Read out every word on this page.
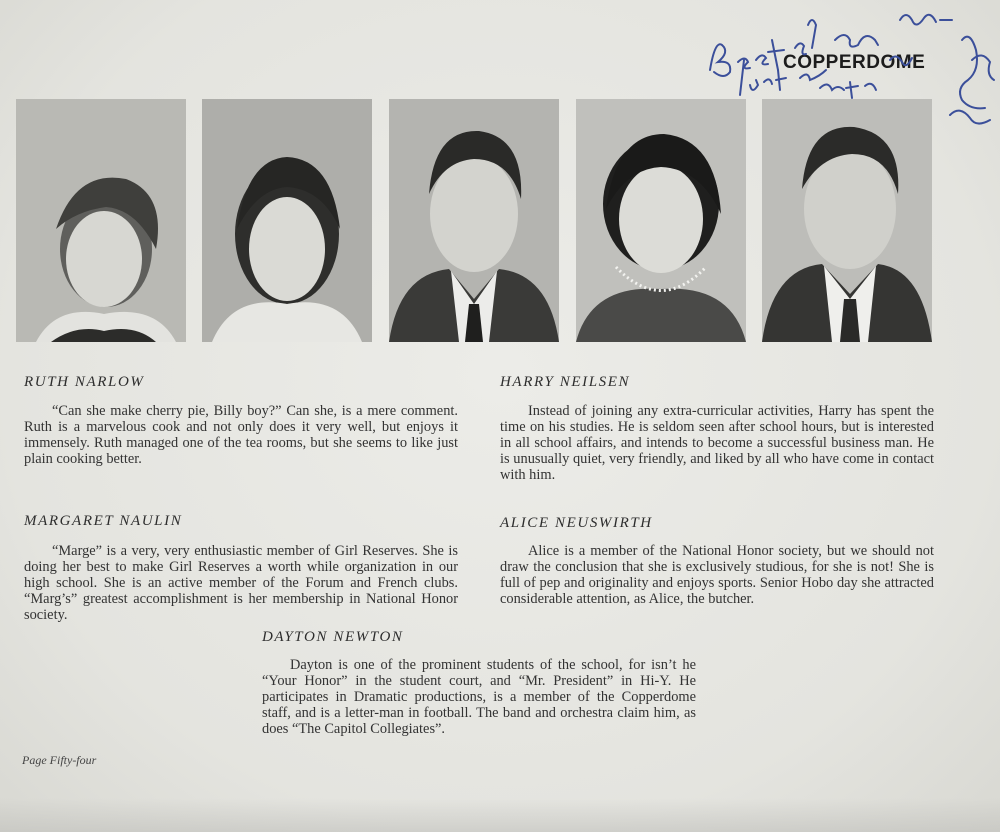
COPPERDOME
RUTH NARLOW
“Can she make cherry pie, Billy boy?” Can she, is a mere comment. Ruth is a marvelous cook and not only does it very well, but enjoys it immensely. Ruth managed one of the tea rooms, but she seems to like just plain cooking better.
HARRY NEILSEN
Instead of joining any extra-curricular activities, Harry has spent the time on his studies. He is seldom seen after school hours, but is interested in all school affairs, and intends to become a successful business man. He is unusually quiet, very friendly, and liked by all who have come in contact with him.
MARGARET NAULIN
“Marge” is a very, very enthusiastic member of Girl Reserves. She is doing her best to make Girl Reserves a worth while organization in our high school. She is an active member of the Forum and French clubs. “Marg’s” greatest accomplishment is her membership in National Honor society.
ALICE NEUSWIRTH
Alice is a member of the National Honor society, but we should not draw the conclusion that she is exclusively studious, for she is not! She is full of pep and originality and enjoys sports. Senior Hobo day she attracted considerable attention, as Alice, the butcher.
DAYTON NEWTON
Dayton is one of the prominent students of the school, for isn’t he “Your Honor” in the student court, and “Mr. President” in Hi-Y. He participates in Dramatic productions, is a member of the Copperdome staff, and is a letter-man in football. The band and orchestra claim him, as does “The Capitol Collegiates”.
Page Fifty-four
